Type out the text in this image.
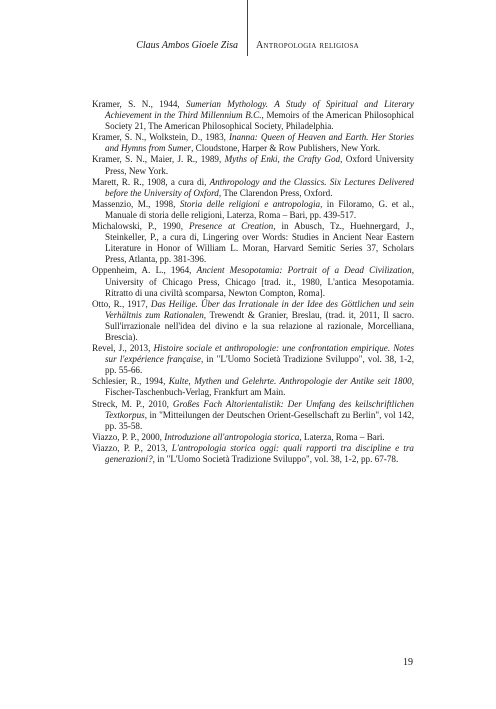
Claus Ambos Gioele Zisa Antropologia religiosa

Kramer, S. N., 1944, Sumerian Mythology. A Study of Spiritual and Literary Achievement in the Third Millennium B.C., Memoirs of the American Philosophical Society 21, The American Philosophical Society, Philadelphia.

Kramer, S. N., Wolkstein, D., 1983, Inanna: Queen of Heaven and Earth. Her Stories and Hymns from Sumer, Cloudstone, Harper & Row Publishers, New York.

Kramer, S. N., Maier, J. R., 1989, Myths of Enki, the Crafty God, Oxford University Press, New York.

Marett, R. R., 1908, a cura di, Anthropology and the Classics. Six Lectures Delivered before the University of Oxford, The Clarendon Press, Oxford.

Massenzio, M., 1998, Storia delle religioni e antropologia, in Filoramo, G. et al., Manuale di storia delle religioni, Laterza, Roma – Bari, pp. 439-517.

Michalowski, P., 1990, Presence at Creation, in Abusch, Tz., Huehnergard, J., Steinkeller, P., a cura di, Lingering over Words: Studies in Ancient Near Eastern Literature in Honor of William L. Moran, Harvard Semitic Series 37, Scholars Press, Atlanta, pp. 381-396.

Oppenheim, A. L., 1964, Ancient Mesopotamia: Portrait of a Dead Civilization, University of Chicago Press, Chicago [trad. it., 1980, L'antica Mesopotamia. Ritratto di una civiltà scomparsa, Newton Compton, Roma].

Otto, R., 1917, Das Heilige. Über das Irrationale in der Idee des Göttlichen und sein Verhältnis zum Rationalen, Trewendt & Granier, Breslau, (trad. it, 2011, Il sacro. Sull'irrazionale nell'idea del divino e la sua relazione al razionale, Morcelliana, Brescia).

Revel, J., 2013, Histoire sociale et anthropologie: une confrontation empirique. Notes sur l'expérience française, in "L'Uomo Società Tradizione Sviluppo", vol. 38, 1-2, pp. 55-66.

Schlesier, R., 1994, Kulte, Mythen und Gelehrte. Anthropologie der Antike seit 1800, Fischer-Taschenbuch-Verlag, Frankfurt am Main.

Streck, M. P., 2010, Großes Fach Altorientalistik: Der Umfang des keilschriftlichen Textkorpus, in "Mitteilungen der Deutschen Orient-Gesellschaft zu Berlin", vol 142, pp. 35-58.

Viazzo, P. P., 2000, Introduzione all'antropologia storica, Laterza, Roma – Bari.

Viazzo, P. P., 2013, L'antropologia storica oggi: quali rapporti tra discipline e tra generazioni?, in "L'Uomo Società Tradizione Sviluppo", vol. 38, 1-2, pp. 67-78.

19
